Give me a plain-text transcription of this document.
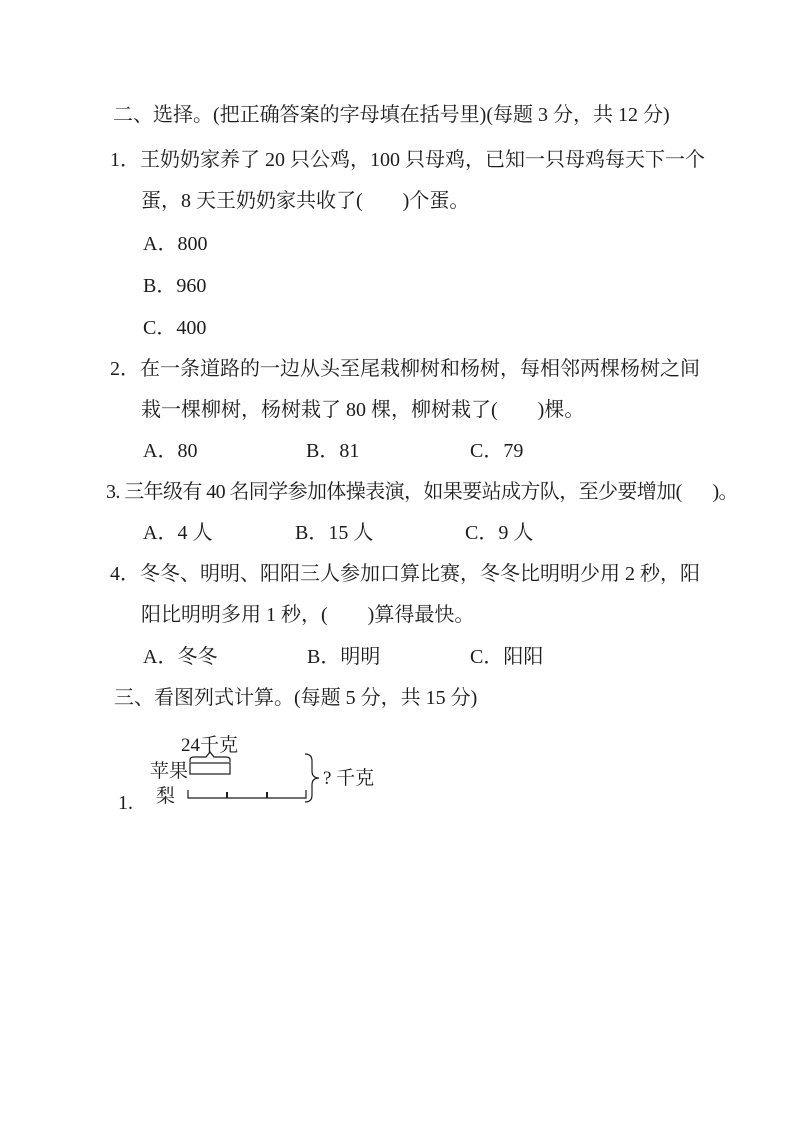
二、选择。(把正确答案的字母填在括号里)(每题 3 分，共 12 分)
1．王奶奶家养了 20 只公鸡，100 只母鸡，已知一只母鸡每天下一个
蛋，8 天王奶奶家共收了(        )个蛋。
A．800
B．960
C．400
2．在一条道路的一边从头至尾栽柳树和杨树，每相邻两棵杨树之间
栽一棵柳树，杨树栽了 80 棵，柳树栽了(        )棵。
A．80	B．81	C．79
3. 三年级有 40 名同学参加体操表演，如果要站成方队，至少要增加(       )。
A．4 人	B．15 人	C．9 人
4．冬冬、明明、阳阳三人参加口算比赛，冬冬比明明少用 2 秒，阳
阳比明明多用 1 秒，(        )算得最快。
A．冬冬	B．明明	C．阳阳
三、看图列式计算。(每题 5 分，共 15 分)
24千克
苹果
梨
? 千克
1.
